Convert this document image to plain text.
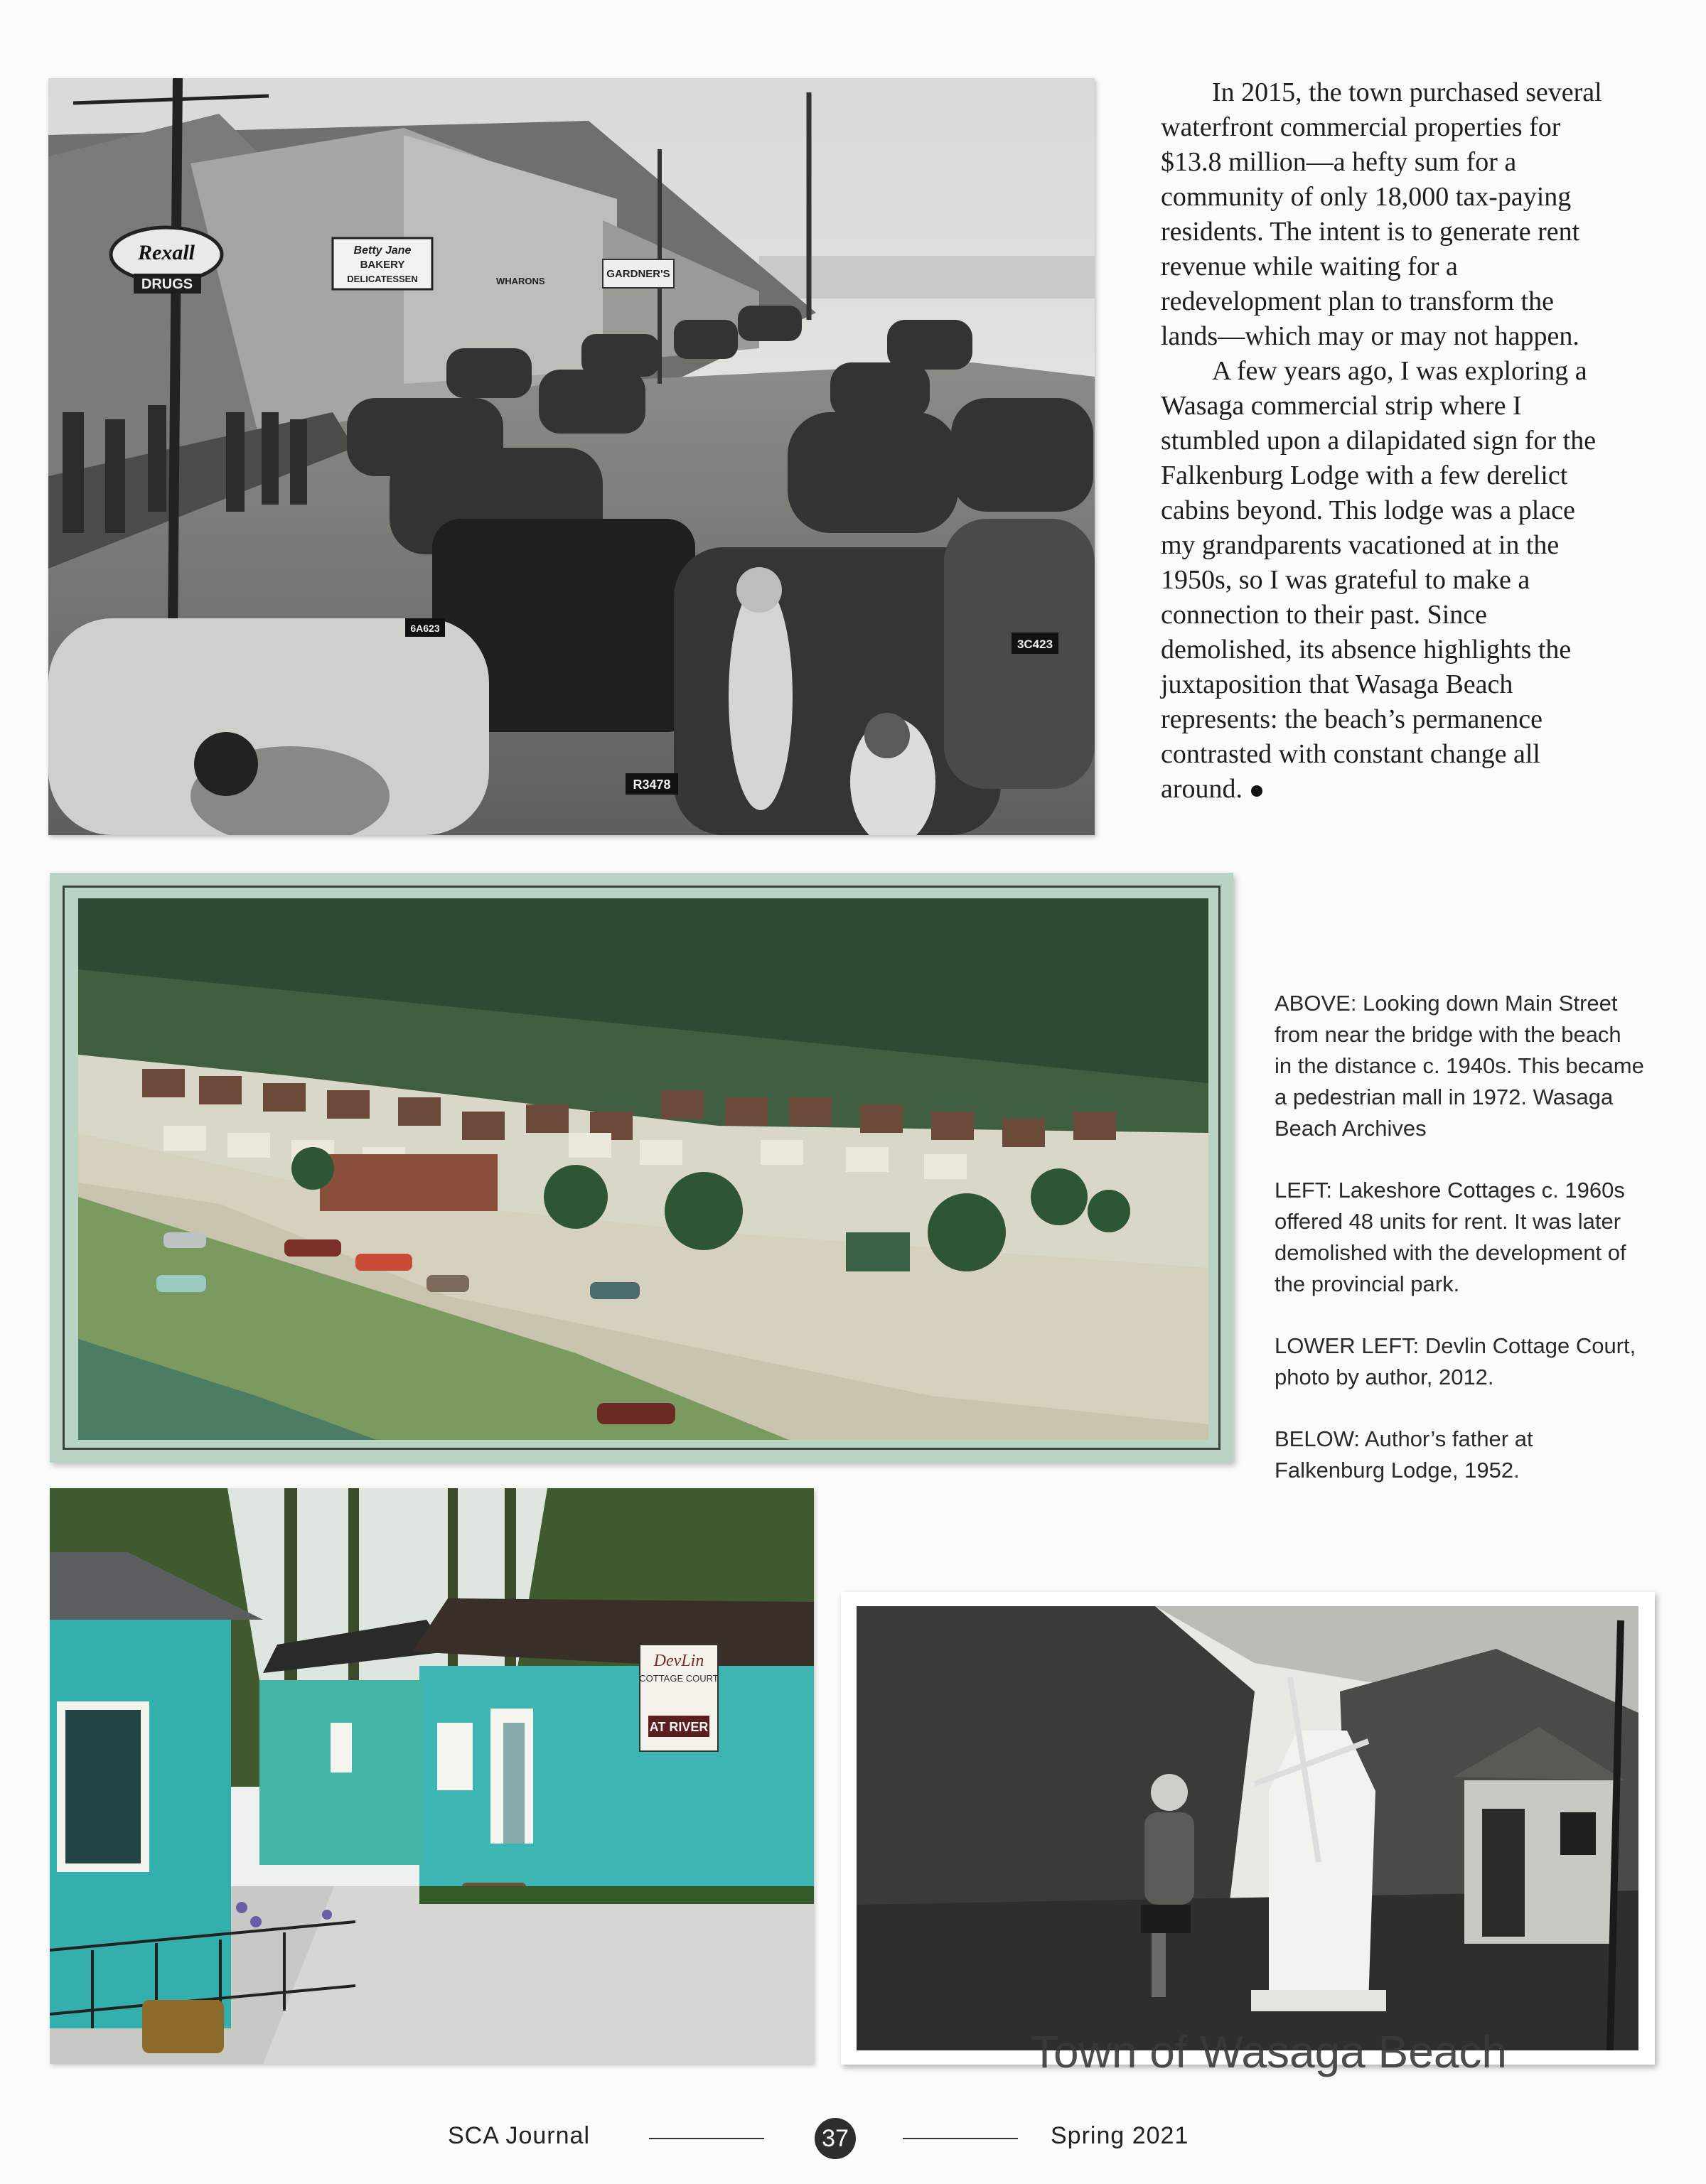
Rexall
DRUGS
Betty Jane
BAKERY
DELICATESSEN	GARDNER'S
WHARONS
R3478
3C423
6A623

In 2015, the town purchased several waterfront commercial properties for $13.8 million—a hefty sum for a community of only 18,000 tax-paying residents. The intent is to generate rent revenue while waiting for a redevelopment plan to transform the lands—which may or may not happen.

A few years ago, I was exploring a Wasaga commercial strip where I stumbled upon a dilapidated sign for the Falkenburg Lodge with a few derelict cabins beyond. This lodge was a place my grandparents vacationed at in the 1950s, so I was grateful to make a connection to their past. Since demolished, its absence highlights the juxtaposition that Wasaga Beach represents: the beach’s permanence contrasted with constant change all around.

ABOVE: Looking down Main Street from near the bridge with the beach in the distance c. 1940s. This became a pedestrian mall in 1972. Wasaga Beach Archives

LEFT: Lakeshore Cottages c. 1960s offered 48 units for rent. It was later demolished with the development of the provincial park.

LOWER LEFT: Devlin Cottage Court, photo by author, 2012.

BELOW: Author’s father at Falkenburg Lodge, 1952.

DevLin
COTTAGE COURT
AT RIVER
Town of Wasaga Beach
SCA Journal	37	Spring 2021
